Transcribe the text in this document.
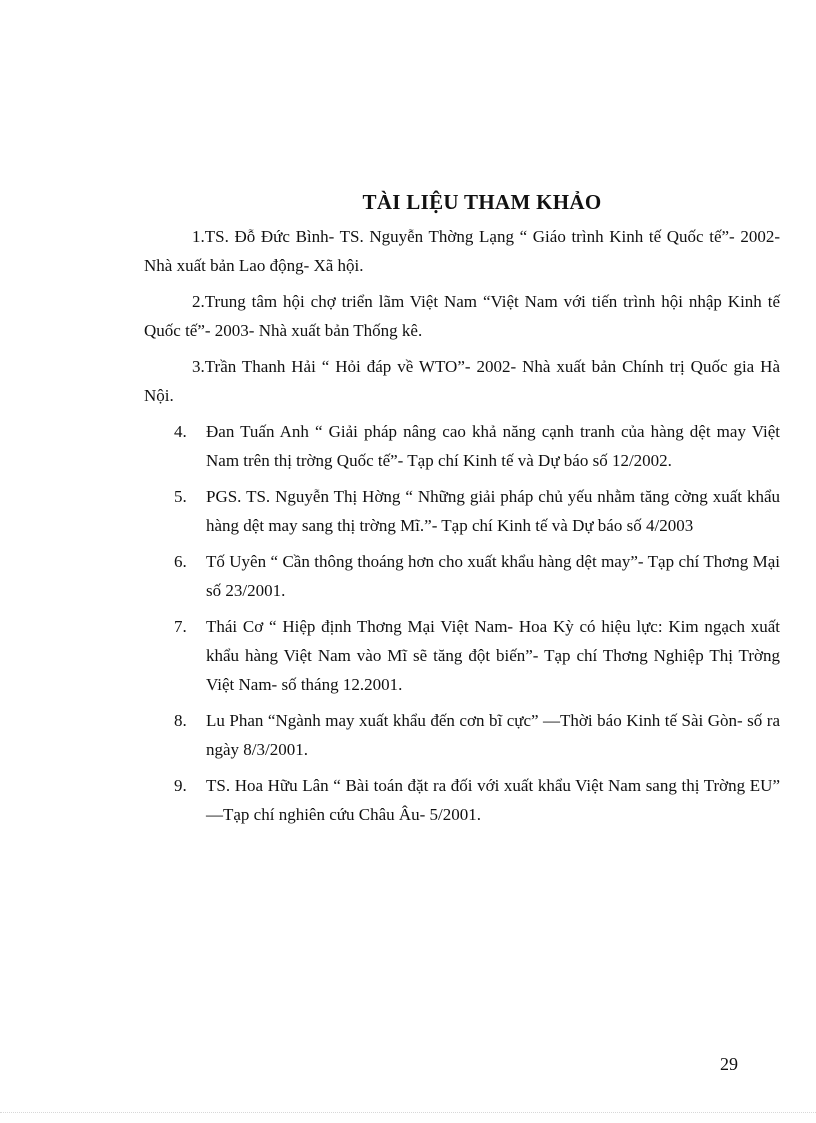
TÀI LIỆU THAM KHẢO

1.TS. Đỗ Đức Bình- TS. Nguyễn Thờng Lạng “ Giáo trình Kinh tế Quốc tế”- 2002- Nhà xuất bản Lao động- Xã hội.

2.Trung tâm hội chợ triển lãm Việt Nam “Việt Nam với tiến trình hội nhập Kinh tế Quốc tế”- 2003- Nhà xuất bản Thống kê.

3.Trần Thanh Hải “ Hỏi đáp về WTO”- 2002- Nhà xuất bản Chính trị Quốc gia Hà Nội.

4.	Đan Tuấn Anh “ Giải pháp nâng cao khả năng cạnh tranh của hàng dệt may Việt Nam trên thị trờng Quốc tế”- Tạp chí Kinh tế và Dự báo số 12/2002.
5.	PGS. TS. Nguyễn Thị Hờng “ Những giải pháp chủ yếu nhằm tăng cờng xuất khẩu hàng dệt may sang thị trờng Mĩ.”- Tạp chí Kinh tế và Dự báo số 4/2003
6.	Tố Uyên “ Cần thông thoáng hơn cho xuất khẩu hàng dệt may”- Tạp chí Thơng Mại số 23/2001.
7.	Thái Cơ “ Hiệp định Thơng Mại Việt Nam- Hoa Kỳ có hiệu lực: Kim ngạch xuất khẩu hàng Việt Nam vào Mĩ sẽ tăng đột biến”- Tạp chí Thơng Nghiệp Thị Trờng Việt Nam- số tháng 12.2001.
8.	Lu Phan “Ngành may xuất khẩu đến cơn bĩ cực” —Thời báo Kinh tế Sài Gòn- số ra ngày 8/3/2001.
9.	TS. Hoa Hữu Lân “ Bài toán đặt ra đối với xuất khẩu Việt Nam sang thị Trờng EU” —Tạp chí nghiên cứu Châu Âu- 5/2001.
29
